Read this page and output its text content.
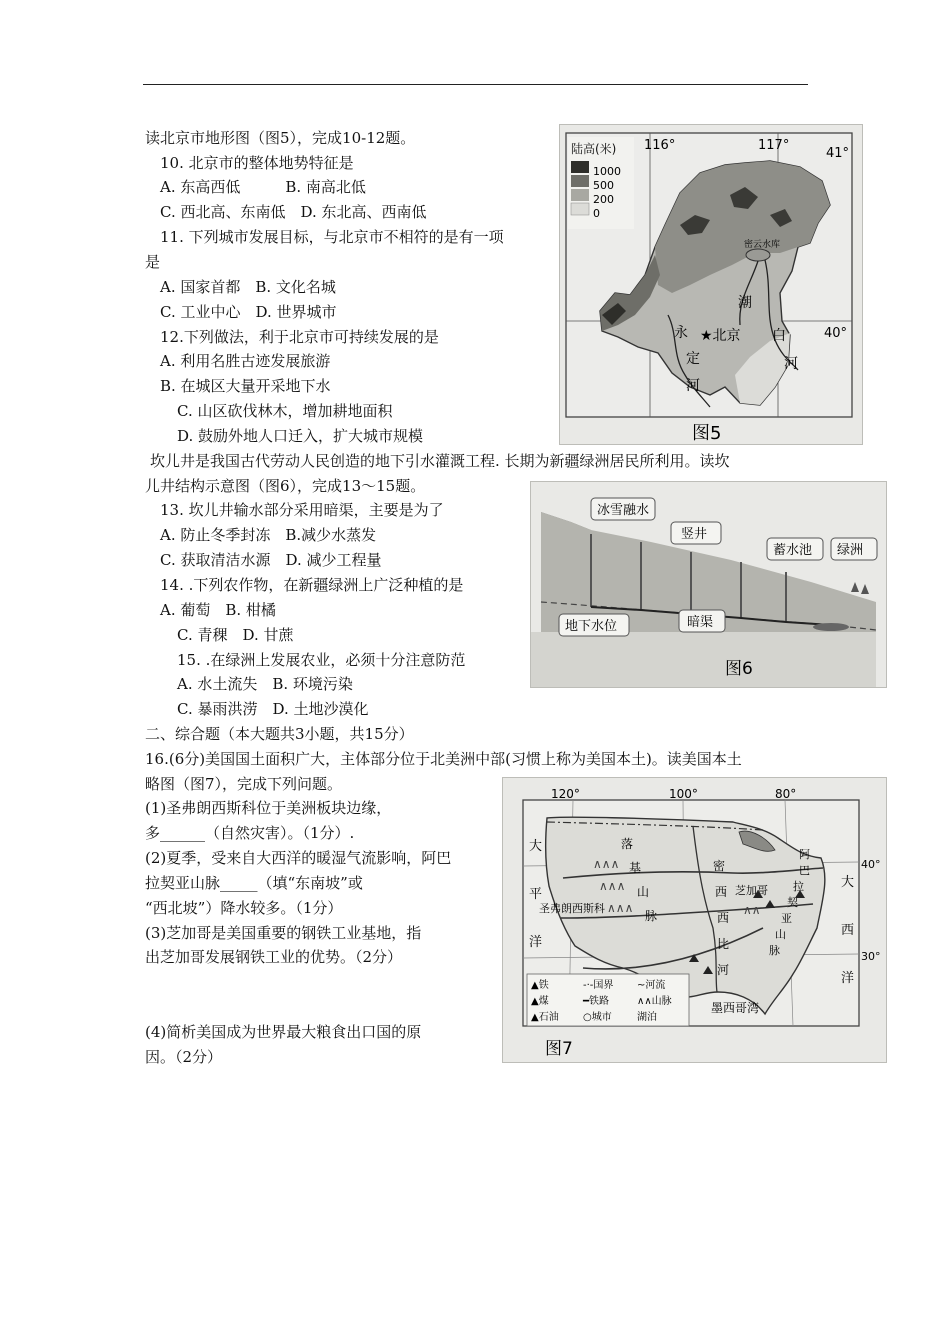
读北京市地形图（图5），完成10-12题。
10. 北京市的整体地势特征是
A. 东高西低　　　B. 南高北低
C. 西北高、东南低　D. 东北高、西南低
11. 下列城市发展目标，与北京市不相符的是有一项
是
A. 国家首都　B. 文化名城
C. 工业中心　D. 世界城市
12.下列做法，利于北京市可持续发展的是
A. 利用名胜古迹发展旅游
B. 在城区大量开采地下水
C. 山区砍伐林木，增加耕地面积
D. 鼓励外地人口迁入，扩大城市规模
坎儿井是我国古代劳动人民创造的地下引水灌溉工程. 长期为新疆绿洲居民所利用。读坎
儿井结构示意图（图6），完成13～15题。
13. 坎儿井输水部分采用暗渠，主要是为了
A. 防止冬季封冻　B.减少水蒸发
C. 获取清洁水源　D. 减少工程量
14. .下列农作物，在新疆绿洲上广泛种植的是
A. 葡萄　B. 柑橘
C. 青稞　D. 甘蔗
15. .在绿洲上发展农业，必须十分注意防范
A. 水土流失　B. 环境污染
C. 暴雨洪涝　D. 土地沙漠化
二、综合题（本大题共3小题，共15分）
16.(6分)美国国土面积广大，主体部分位于北美洲中部(习惯上称为美国本土)。读美国本土
略图（图7），完成下列问题。
(1)圣弗朗西斯科位于美洲板块边缘，
多______（自然灾害）。（1分）.
(2)夏季，受来自大西洋的暖湿气流影响，阿巴
拉契亚山脉_____（填“东南坡”或
“西北坡”）降水较多。（1分）
(3)芝加哥是美国重要的钢铁工业基地，指
出芝加哥发展钢铁工业的优势。（2分）
(4)简析美国成为世界最大粮食出口国的原
因。（2分）
陆高(米)
1000
500
200
0
116°	117°
41°
40°
密云水库
★北京
潮
白
河
永
定
河
图5
冰雪融水
竖井
蓄水池 绿洲
地下水位	暗渠
图6
∧∧∧
∧∧∧
∧∧∧	∧∧
120°	100°	80°
40°
30°
大
平
洋
大
西
洋
落
基
山
脉
密
西
西
比
河
阿
巴
拉
契
亚
山
脉
芝加哥
圣弗朗西斯科
墨西哥湾
▲铁	-·-国界 ~河流
▲煤	━铁路	∧∧山脉
▲石油 ○城市	湖泊
图7
